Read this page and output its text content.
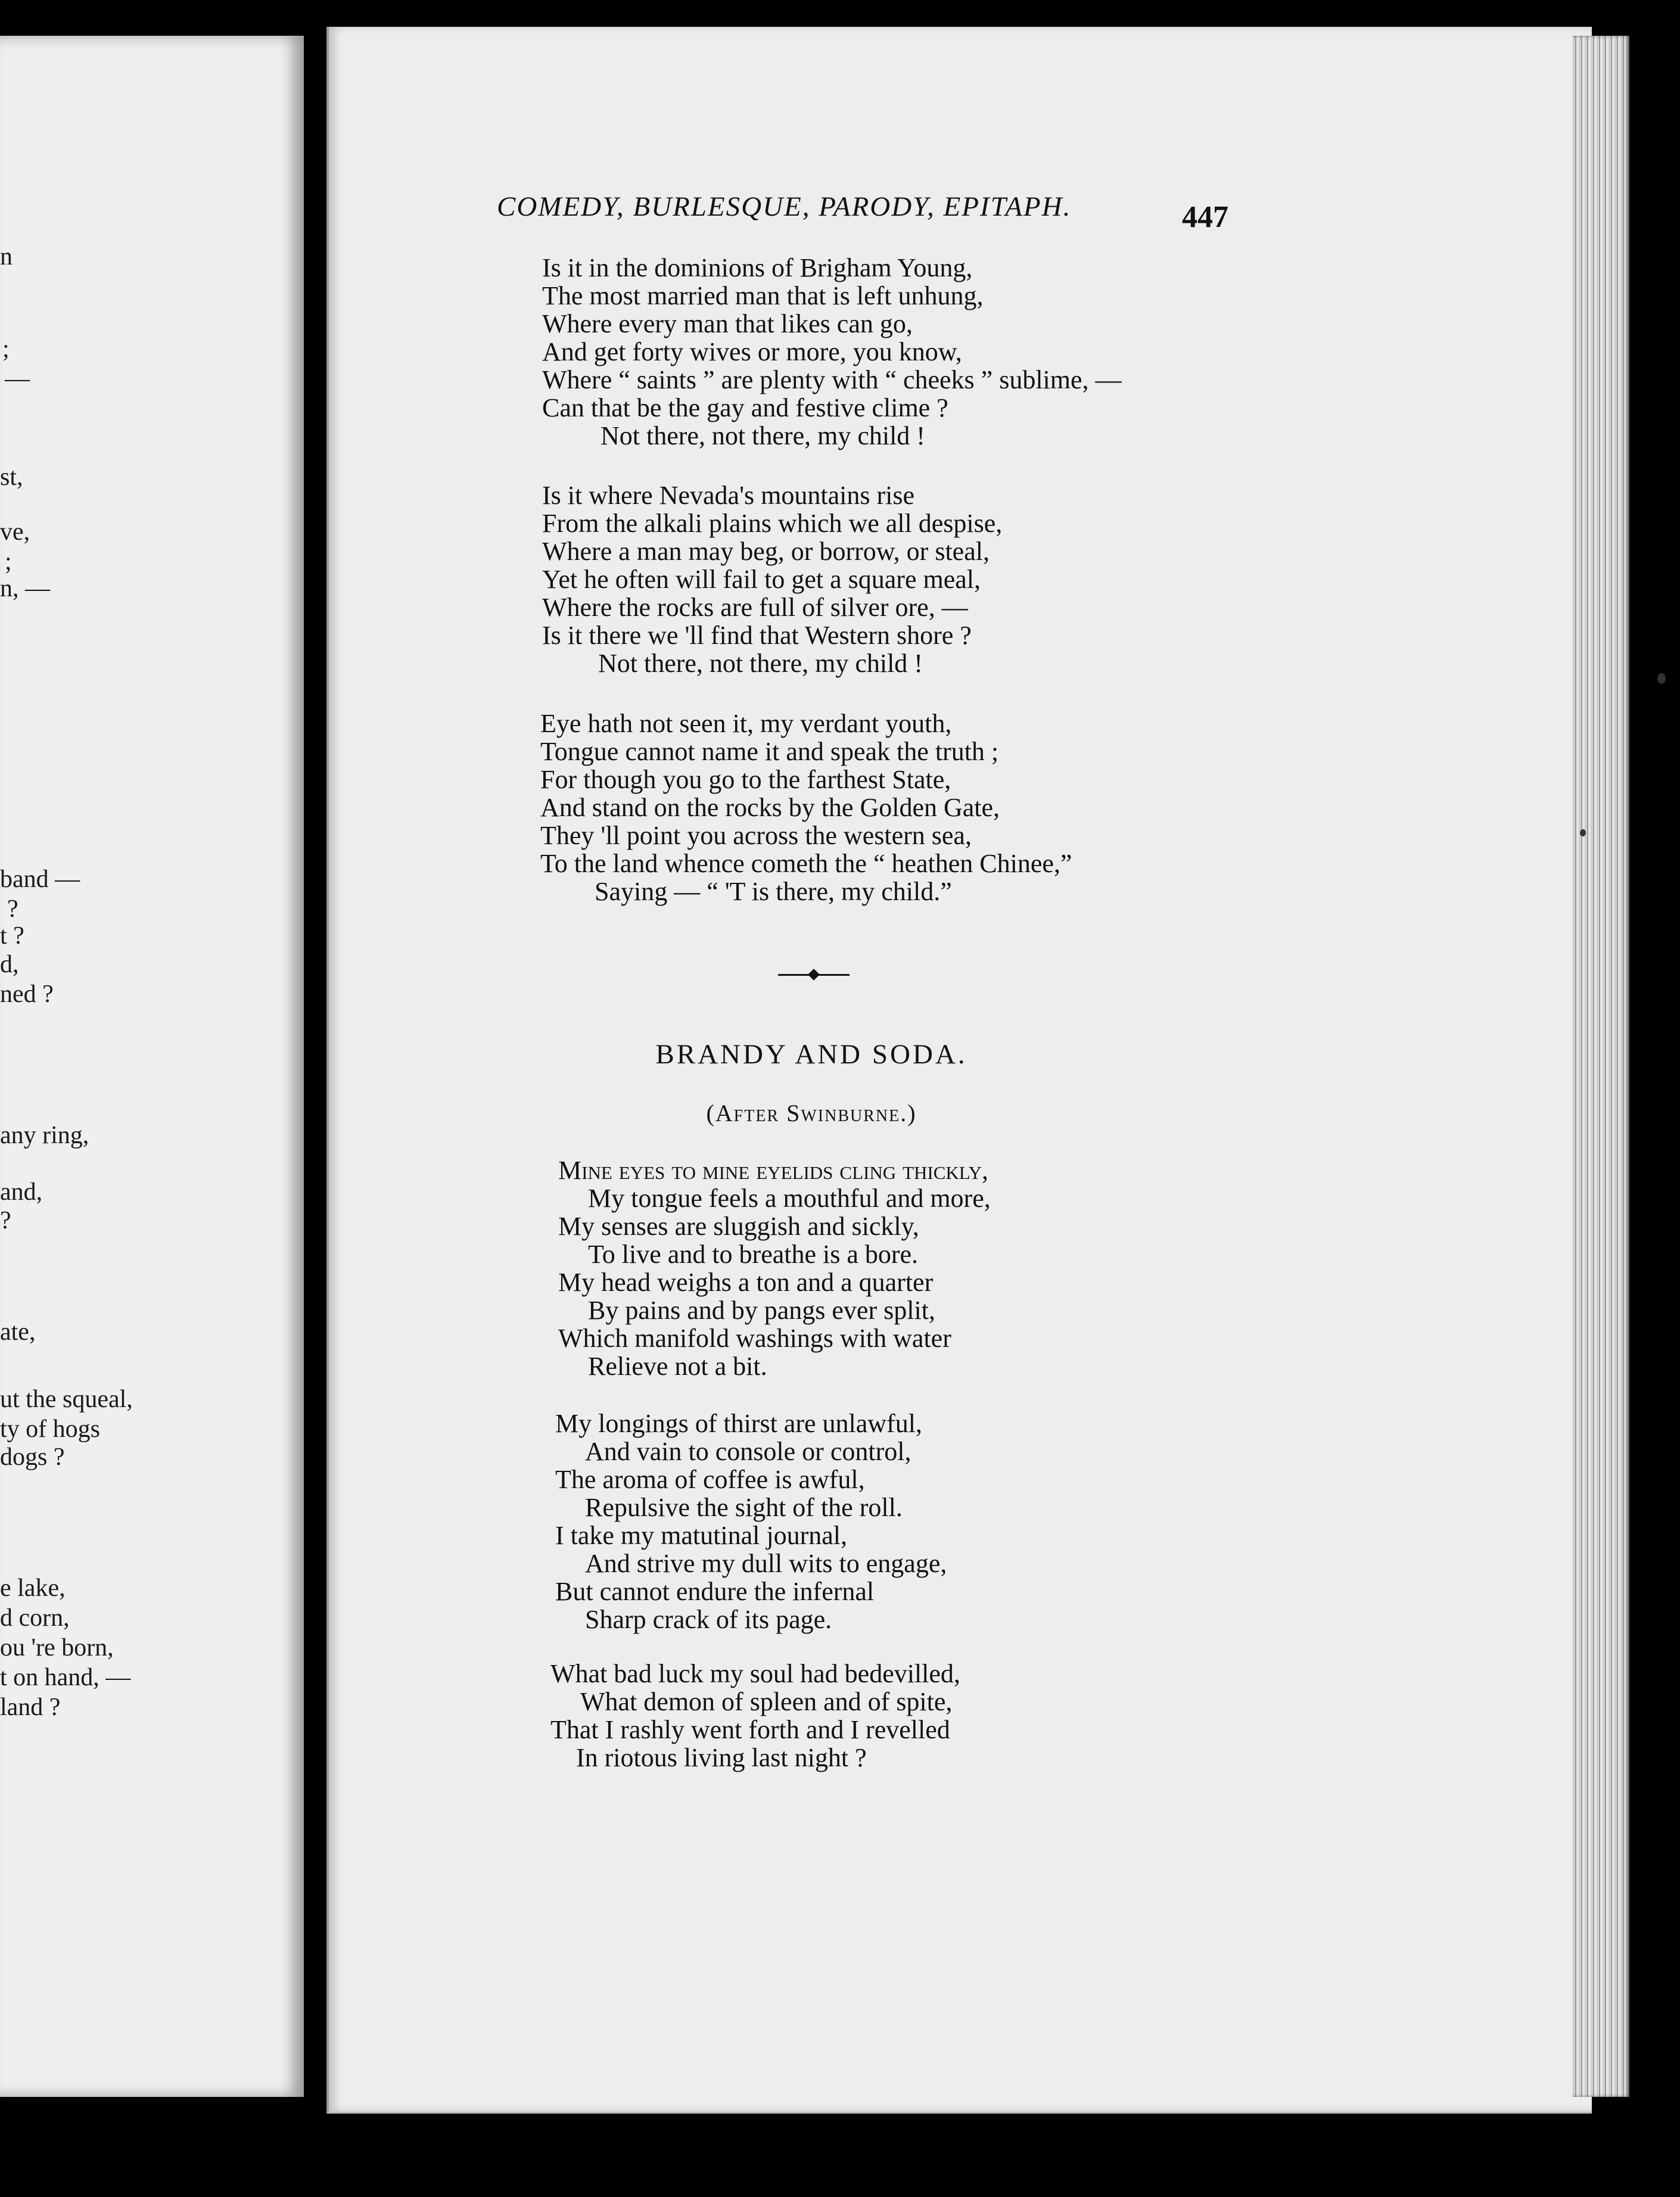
n
;
—
st,
ve,
;
n, —
band —
?
t ?
d,
ned ?
any ring,
and,
?
ate,
ut the squeal,
ty of hogs
dogs ?
e lake,
d corn,
ou 're born,
t on hand, —
land ?
COMEDY, BURLESQUE, PARODY, EPITAPH.	447
Is it in the dominions of Brigham Young,
The most married man that is left unhung,
Where every man that likes can go,
And get forty wives or more, you know,
Where “ saints ” are plenty with “ cheeks ” sublime, —
Can that be the gay and festive clime ?
Not there, not there, my child !
Is it where Nevada's mountains rise
From the alkali plains which we all despise,
Where a man may beg, or borrow, or steal,
Yet he often will fail to get a square meal,
Where the rocks are full of silver ore, —
Is it there we 'll find that Western shore ?
Not there, not there, my child !
Eye hath not seen it, my verdant youth,
Tongue cannot name it and speak the truth ;
For though you go to the farthest State,
And stand on the rocks by the Golden Gate,
They 'll point you across the western sea,
To the land whence cometh the “ heathen Chinee,”
Saying — “ 'T is there, my child.”
BRANDY AND SODA.
(After Swinburne.)
Mine eyes to mine eyelids cling thickly,
My tongue feels a mouthful and more,
My senses are sluggish and sickly,
To live and to breathe is a bore.
My head weighs a ton and a quarter
By pains and by pangs ever split,
Which manifold washings with water
Relieve not a bit.
My longings of thirst are unlawful,
And vain to console or control,
The aroma of coffee is awful,
Repulsive the sight of the roll.
I take my matutinal journal,
And strive my dull wits to engage,
But cannot endure the infernal
Sharp crack of its page.
What bad luck my soul had bedevilled,
What demon of spleen and of spite,
That I rashly went forth and I revelled
In riotous living last night ?
